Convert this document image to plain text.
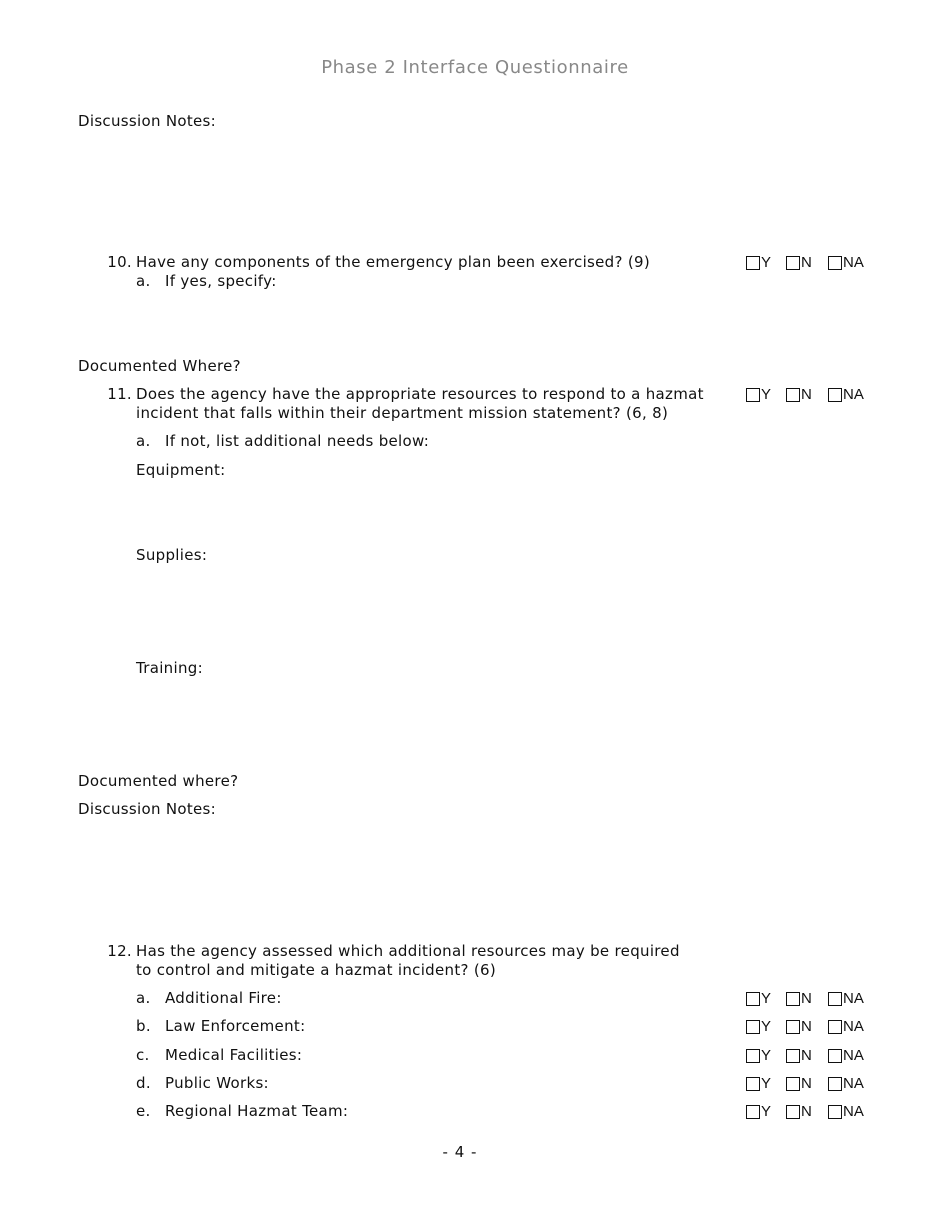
Phase 2 Interface Questionnaire
Discussion Notes:
10. Have any components of the emergency plan been exercised? (9)	Y N NA
a. If yes, specify:
Documented Where?
11. Does the agency have the appropriate resources to respond to a hazmat
incident that falls within their department mission statement? (6, 8)
Y N NA
a. If not, list additional needs below:
Equipment:
Supplies:
Training:
Documented where?
Discussion Notes:
12. Has the agency assessed which additional resources may be required
to control and mitigate a hazmat incident? (6)
a. Additional Fire:	Y N NA
b. Law Enforcement:	Y N NA
c. Medical Facilities:	Y N NA
d. Public Works:	Y N NA
e. Regional Hazmat Team:	Y N NA
- 4 -
